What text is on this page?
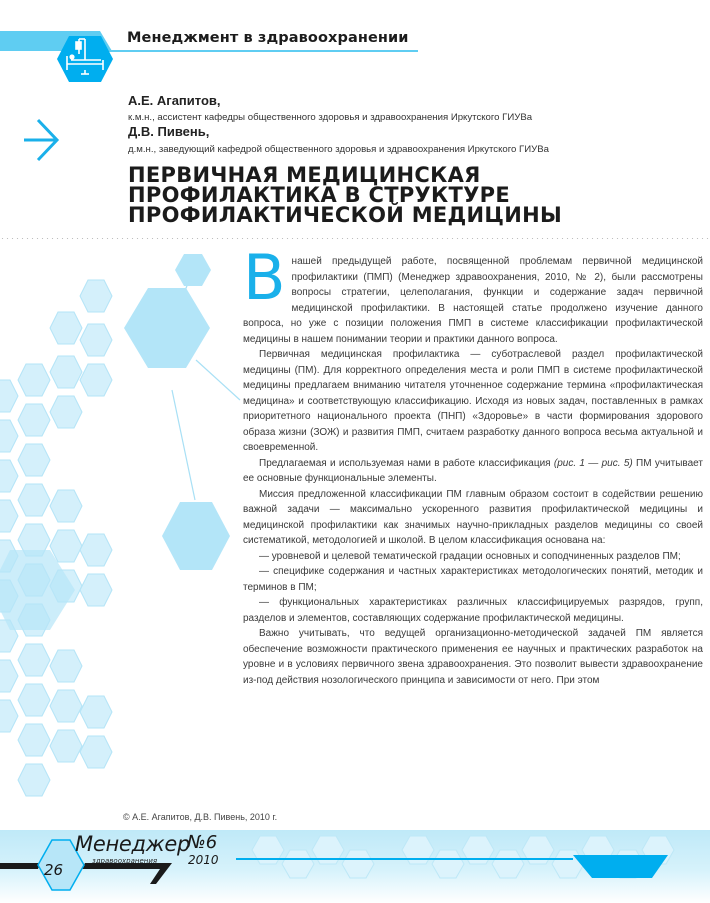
Менеджмент в здравоохранении
А.Е. Агапитов,
к.м.н., ассистент кафедры общественного здоровья и здравоохранения Иркутского ГИУВа
Д.В. Пивень,
д.м.н., заведующий кафедрой общественного здоровья и здравоохранения Иркутского ГИУВа
ПЕРВИЧНАЯ МЕДИЦИНСКАЯ
ПРОФИЛАКТИКА В СТРУКТУРЕ
ПРОФИЛАКТИЧЕСКОЙ МЕДИЦИНЫ

Внашей предыдущей работе, посвященной проблемам первичной медицинской профилактики (ПМП) (Менеджер здравоохранения, 2010, № 2), были рассмотрены вопросы стратегии, целеполагания, функции и содержание задач первичной медицинской профилактики. В настоящей статье продолжено изучение данного вопроса, но уже с позиции положения ПМП в системе классификации профилактической медицины в нашем понимании теории и практики данного вопроса.

Первичная медицинская профилактика — суботраслевой раздел профилактической медицины (ПМ). Для корректного определения места и роли ПМП в системе профилактической медицины предлагаем вниманию читателя уточненное содержание термина «профилактическая медицина» и соответствующую классификацию. Исходя из новых задач, поставленных в рамках приоритетного национального проекта (ПНП) «Здоровье» в части формирования здорового образа жизни (ЗОЖ) и развития ПМП, считаем разработку данного вопроса весьма актуальной и своевременной.

Предлагаемая и используемая нами в работе классификация (рис. 1 — рис. 5) ПМ учитывает ее основные функциональные элементы.

Миссия предложенной классификации ПМ главным образом состоит в содействии решению важной задачи — максимально ускоренного развития профилактической медицины и медицинской профилактики как значимых научно-прикладных разделов медицины со своей систематикой, методологией и школой. В целом классификация основана на:

— уровневой и целевой тематической градации основных и соподчиненных разделов ПМ;

— специфике содержания и частных характеристиках методологических понятий, методик и терминов в ПМ;

— функциональных характеристиках различных классифицируемых разрядов, групп, разделов и элементов, составляющих содержание профилактической медицины.

Важно учитывать, что ведущей организационно-методической задачей ПМ является обеспечение возможности практического применения ее научных и практических разработок на уровне и в условиях первичного звена здравоохранения. Это позволит вывести здравоохранение из-под действия нозологического принципа и зависимости от него. При этом

© А.Е. Агапитов, Д.В. Пивень, 2010 г.
Менеджер
здравоохранения
№6
2010
26
